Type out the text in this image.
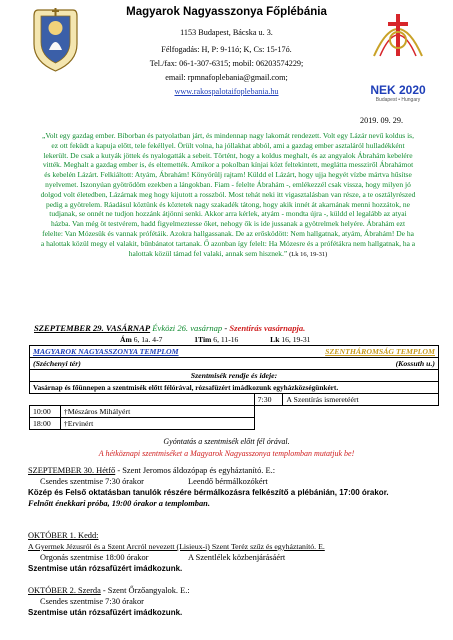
Magyarok Nagyasszonya Főplébánia
1153 Budapest, Bácska u. 3.
Félfogadás: H, P: 9-11ó; K, Cs: 15-17ó.
Tel./fax: 06-1-307-6315; mobil: 06203574229;
email: rpmnafoplebania@gmail.com;
www.rakospalotaifoplebania.hu	NEK 2020
Budapest • Hungary
2019. 09. 29.
„Volt egy gazdag ember. Bíborban és patyolatban járt, és mindennap nagy lakomát rendezett. Volt egy Lázár nevű koldus is, ez ott feküdt a kapuja előtt, tele fekéllyel. Örült volna, ha jóllakhat abból, ami a gazdag ember asztaláról hulladékként lekerült. De csak a kutyák jöttek és nyalogatták a sebeit. Történt, hogy a koldus meghalt, és az angyalok Ábrahám kebelére vitték. Meghalt a gazdag ember is, és eltemették. Amikor a pokolban kínjai közt feltekintett, meglátta messziről Ábrahámot és kebelén Lázárt. Felkiáltott: Atyám, Ábrahám! Könyörülj rajtam! Küldd el Lázárt, hogy ujja hegyét vízbe mártva hűsítse nyelvemet. Iszonyúan gyötrődöm ezekben a lángokban. Fiam - felelte Ábrahám -, emlékezzél csak vissza, hogy milyen jó dolgod volt életedben, Lázárnak meg hogy kijutott a rosszból. Most tehát neki itt vigasztalásban van része, a te osztályrészed pedig a gyötrelem. Ráadásul köztünk és köztetek nagy szakadék tátong, hogy akik innét át akarnának menni hozzátok, ne tudjanak, se onnét ne tudjon hozzánk átjönni senki. Akkor arra kérlek, atyám - mondta újra -, küldd el legalább az atyai házba. Van még öt testvérem, hadd figyelmeztesse őket, nehogy ők is ide jussanak a gyötrelmek helyére. Ábrahám ezt felelte: Van Mózesük és vannak prófétáik. Azokra hallgassanak. De az erősködött: Nem hallgatnak, atyám, Ábrahám! De ha a halottak közül megy el valakit, bűnbánatot tartanak. Ő azonban így felelt: Ha Mózesre és a prófétákra nem hallgatnak, ha a halottak közül támad fel valaki, annak sem hisznek.” (Lk 16, 19-31)
SZEPTEMBER 29. VASÁRNAP Évközi 26. vasárnap - Szentírás vasárnapja.
Ám 6, 1a. 4-7	1Tim 6, 11-16	Lk 16, 19-31
MAGYAROK NAGYASSZONYA TEMPLOM		SZENTHÁROMSÁG TEMPLOM	
(Széchenyi tér)		(Kossuth u.)	
Szentmisék rendje és ideje:			
Vasárnap és főünnepen a szentmisék előtt félórával, rózsafüzért imádkozunk egyházközségünkért.			
		7:30	A Szentírás ismeretéért
10:00	†Mészáros Mihályért		
18:00	†Ervinért		
Gyóntatás a szentmisék előtt fél órával.
A hétköznapi szentmiséket a Magyarok Nagyasszonya templomban mutatjuk be!
SZEPTEMBER 30. Hétfő - Szent Jeromos áldozópap és egyháztanító. E.:
Csendes szentmise 7:30 órakor	Leendő bérmálkozókért
Közép és Felső oktatásban tanulók részére bérmálkozásra felkészítő a plébánián, 17:00 órakor.
Felnőtt énekkari próba, 19:00 órakor a templomban.
OKTÓBER 1. Kedd:
A Gyermek Jézusról és a Szent Arcról nevezett (Lisieux-i) Szent Teréz szűz és egyháztanító. E.
Orgonás szentmise 18:00 órakor	A Szentlélek közbenjárásáért
Szentmise után rózsafüzért imádkozunk.
OKTÓBER 2. Szerda - Szent Őrzőangyalok. E.:
Csendes szentmise 7:30 órakor
Szentmise után rózsafüzért imádkozunk.
